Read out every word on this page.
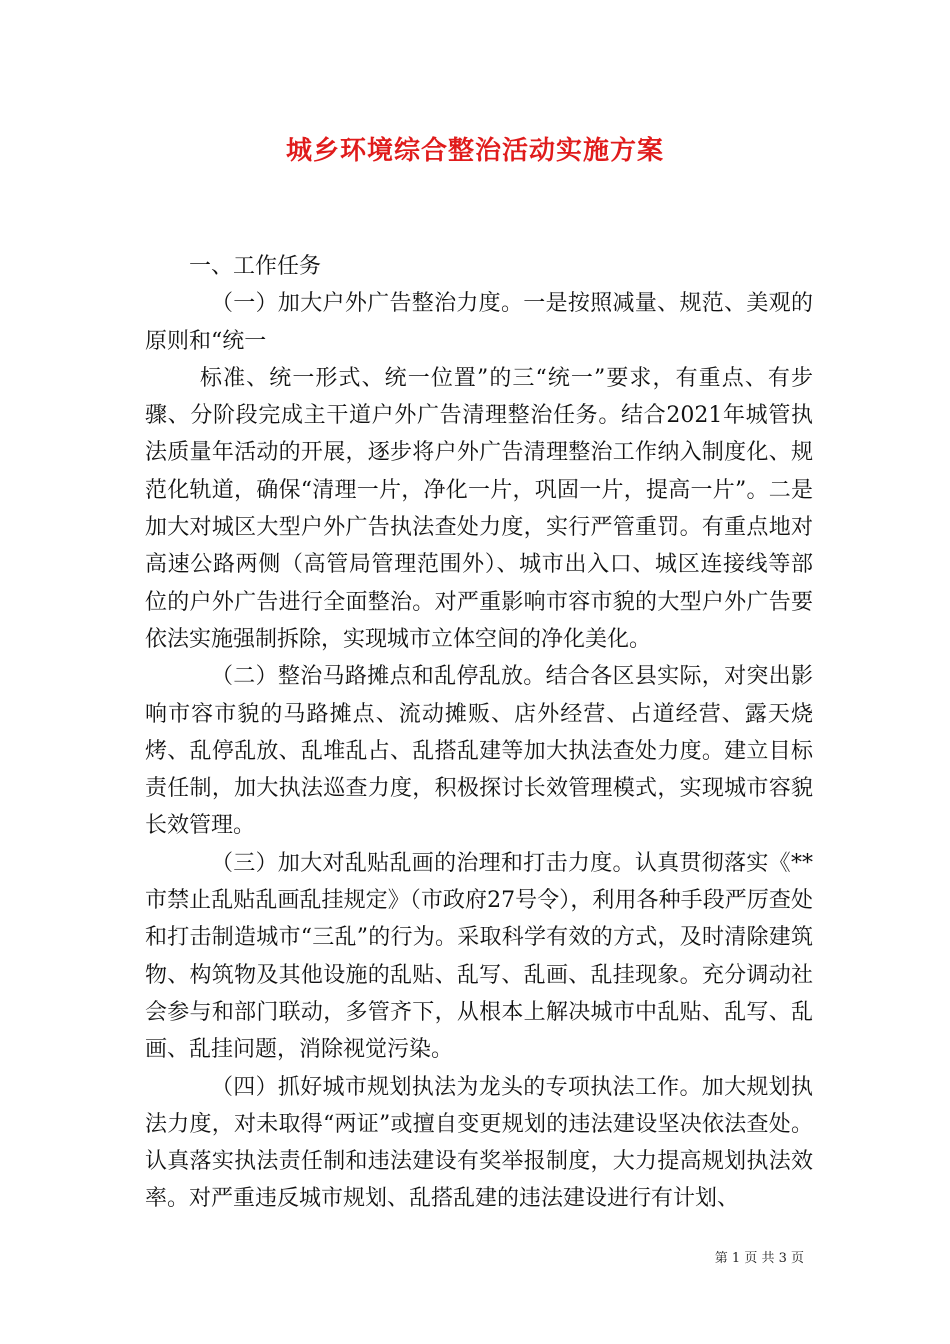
城乡环境综合整治活动实施方案

一、工作任务

（一）加大户外广告整治力度。一是按照减量、规范、美观的原则和“统一

标准、统一形式、统一位置”的三“统一”要求，有重点、有步骤、分阶段完成主干道户外广告清理整治任务。结合2021年城管执法质量年活动的开展，逐步将户外广告清理整治工作纳入制度化、规范化轨道，确保“清理一片，净化一片，巩固一片，提高一片”。二是加大对城区大型户外广告执法查处力度，实行严管重罚。有重点地对高速公路两侧（高管局管理范围外）、城市出入口、城区连接线等部位的户外广告进行全面整治。对严重影响市容市貌的大型户外广告要依法实施强制拆除，实现城市立体空间的净化美化。

（二）整治马路摊点和乱停乱放。结合各区县实际，对突出影响市容市貌的马路摊点、流动摊贩、店外经营、占道经营、露天烧烤、乱停乱放、乱堆乱占、乱搭乱建等加大执法查处力度。建立目标责任制，加大执法巡查力度，积极探讨长效管理模式，实现城市容貌长效管理。

（三）加大对乱贴乱画的治理和打击力度。认真贯彻落实《**市禁止乱贴乱画乱挂规定》（市政府27号令），利用各种手段严厉查处和打击制造城市“三乱”的行为。采取科学有效的方式，及时清除建筑物、构筑物及其他设施的乱贴、乱写、乱画、乱挂现象。充分调动社会参与和部门联动，多管齐下，从根本上解决城市中乱贴、乱写、乱画、乱挂问题，消除视觉污染。

（四）抓好城市规划执法为龙头的专项执法工作。加大规划执法力度，对未取得“两证”或擅自变更规划的违法建设坚决依法查处。认真落实执法责任制和违法建设有奖举报制度，大力提高规划执法效率。对严重违反城市规划、乱搭乱建的违法建设进行有计划、

第 1 页 共 3 页
